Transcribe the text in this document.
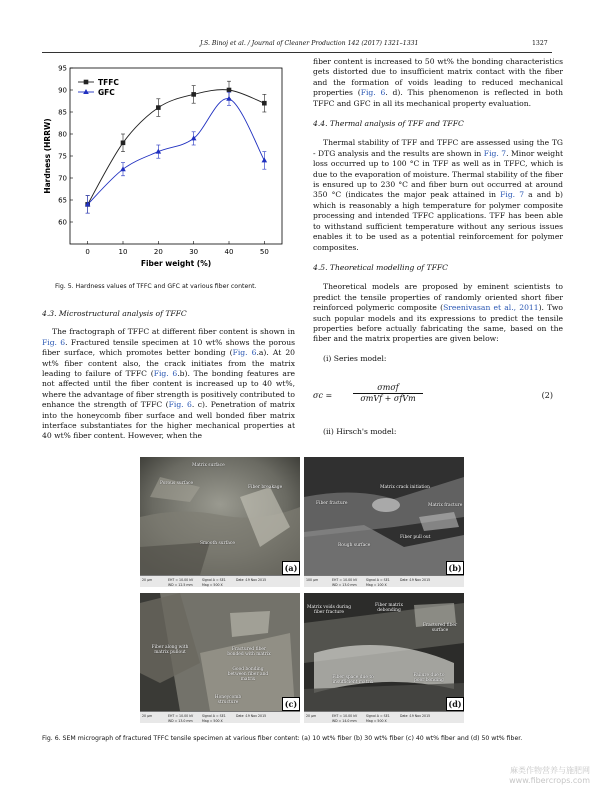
J.S. Binoj et al. / Journal of Cleaner Production 142 (2017) 1321–1331	1327
60
65
70
75
80
85
90
95
0	10	20	30	40	50
Fiber weight (%)
Hardness (HRRW)
TFFC
GFC
Fig. 5. Hardness values of TFFC and GFC at various fiber content.
4.3. Microstructural analysis of TFFC

The fractograph of TFFC at different fiber content is shown in Fig. 6. Fractured tensile specimen at 10 wt% shows the porous fiber surface, which promotes better bonding (Fig. 6.a). At 20 wt% fiber content also, the crack initiates from the matrix leading to failure of TFFC (Fig. 6.b). The bonding features are not affected until the fiber content is increased up to 40 wt%, where the advantage of fiber strength is positively contributed to enhance the strength of TFFC (Fig. 6. c). Penetration of matrix into the honeycomb fiber surface and well bonded fiber matrix interface substantiates for the higher mechanical properties at 40 wt% fiber content. However, when the

fiber content is increased to 50 wt% the bonding characteristics gets distorted due to insufficient matrix contact with the fiber and the formation of voids leading to reduced mechanical properties (Fig. 6. d). This phenomenon is reflected in both TFFC and GFC in all its mechanical property evaluation.

4.4. Thermal analysis of TFF and TFFC

Thermal stability of TFF and TFFC are assessed using the TG - DTG analysis and the results are shown in Fig. 7. Minor weight loss occurred up to 100 °C in TFF as well as in TFFC, which is due to the evaporation of moisture. Thermal stability of the fiber is ensured up to 230 °C and fiber burn out occurred at around 350 °C (indicates the major peak attained in Fig. 7 a and b) which is reasonably a high temperature for polymer composite processing and intended TFFC applications. TFF has been able to withstand sufficient temperature without any serious issues enables it to be used as a potential reinforcement for polymer composites.

4.5. Theoretical modelling of TFFC

Theoretical models are proposed by eminent scientists to predict the tensile properties of randomly oriented short fiber reinforced polymeric composite (Sreenivasan et al., 2011). Two such popular models and its expressions to predict the tensile properties before actually fabricating the same, based on the fiber and the matrix properties are given below:

(i) Series model:
σc =
σmσf
σmVf + σfVm	(2)
(ii) Hirsch's model:
Matrix surface
Fiber breakage
Porous surface
Smooth surface
(a)
20 μm	EHT = 10.00 kV
WD = 12.5 mm
Signal A = SE1
Mag = 500 X
Date :19 Nov 2015
Matrix crack initiation
Fiber fracture	Matrix fracture
Fiber pull out
Rough surface
(b)
100 μm	EHT = 10.00 kV
WD = 13.0 mm
Signal A = SE1
Mag = 100 X
Date :19 Nov 2015
Fiber along with matrix pullout
Fractured fiber bonded with matrix
Good bonding between fiber and matrix
Honeycomb structure	(c)
20 μm	EHT = 10.00 kV
WD = 13.0 mm
Signal A = SE1
Mag = 500 X
Date :19 Nov 2015
Matrix voids during fiber fracture
Fiber matrix debonding
Fractured fiber surface
Fiber space due to insufficient matrix
Failure due to poor bonding
(d)
20 μm	EHT = 10.00 kV
WD = 14.0 mm
Signal A = SE1
Mag = 500 X
Date :19 Nov 2015
Fig. 6. SEM micrograph of fractured TFFC tensile specimen at various fiber content: (a) 10 wt% fiber (b) 30 wt% fiber (c) 40 wt% fiber and (d) 50 wt% fiber.
麻类作物营养与施肥网
www.fibercrops.com
